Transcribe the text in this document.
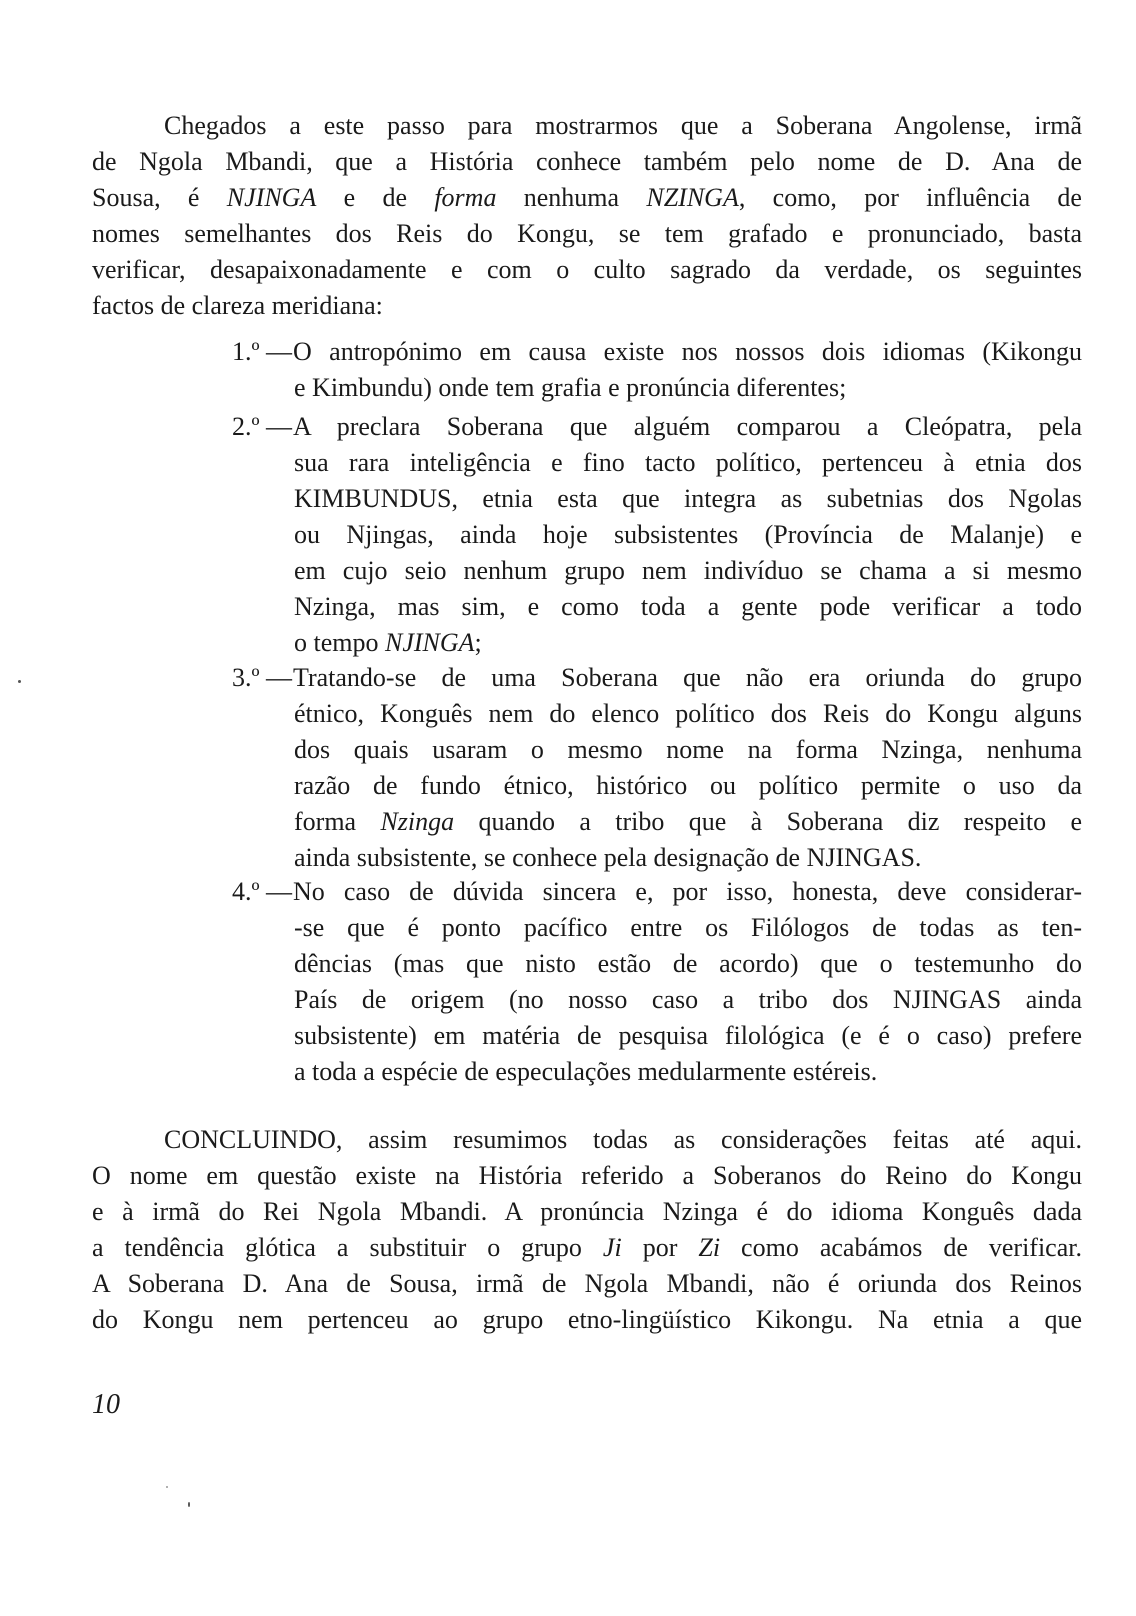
Chegados a este passo para mostrarmos que a Soberana Angolense, irmã
de Ngola Mbandi, que a História conhece também pelo nome de D. Ana de
Sousa, é NJINGA e de forma nenhuma NZINGA, como, por influência de
nomes semelhantes dos Reis do Kongu, se tem grafado e pronunciado, basta
verificar, desapaixonadamente e com o culto sagrado da verdade, os seguintes
factos de clareza meridiana:
1.º — O antropónimo em causa existe nos nossos dois idiomas (Kikongu
e Kimbundu) onde tem grafia e pronúncia diferentes;
2.º — A preclara Soberana que alguém comparou a Cleópatra, pela
sua rara inteligência e fino tacto político, pertenceu à etnia dos
KIMBUNDUS, etnia esta que integra as subetnias dos Ngolas
ou Njingas, ainda hoje subsistentes (Província de Malanje) e
em cujo seio nenhum grupo nem indivíduo se chama a si mesmo
Nzinga, mas sim, e como toda a gente pode verificar a todo
o tempo NJINGA;
3.º — Tratando-se de uma Soberana que não era oriunda do grupo
étnico, Konguês nem do elenco político dos Reis do Kongu alguns
dos quais usaram o mesmo nome na forma Nzinga, nenhuma
razão de fundo étnico, histórico ou político permite o uso da
forma Nzinga quando a tribo que à Soberana diz respeito e
ainda subsistente, se conhece pela designação de NJINGAS.
4.º — No caso de dúvida sincera e, por isso, honesta, deve considerar-
-se que é ponto pacífico entre os Filólogos de todas as ten-
dências (mas que nisto estão de acordo) que o testemunho do
País de origem (no nosso caso a tribo dos NJINGAS ainda
subsistente) em matéria de pesquisa filológica (e é o caso) prefere
a toda a espécie de especulações medularmente estéreis.
CONCLUINDO, assim resumimos todas as considerações feitas até aqui.
O nome em questão existe na História referido a Soberanos do Reino do Kongu
e à irmã do Rei Ngola Mbandi. A pronúncia Nzinga é do idioma Konguês dada
a tendência glótica a substituir o grupo Ji por Zi como acabámos de verificar.
A Soberana D. Ana de Sousa, irmã de Ngola Mbandi, não é oriunda dos Reinos
do Kongu nem pertenceu ao grupo etno-lingüístico Kikongu. Na etnia a que
10
